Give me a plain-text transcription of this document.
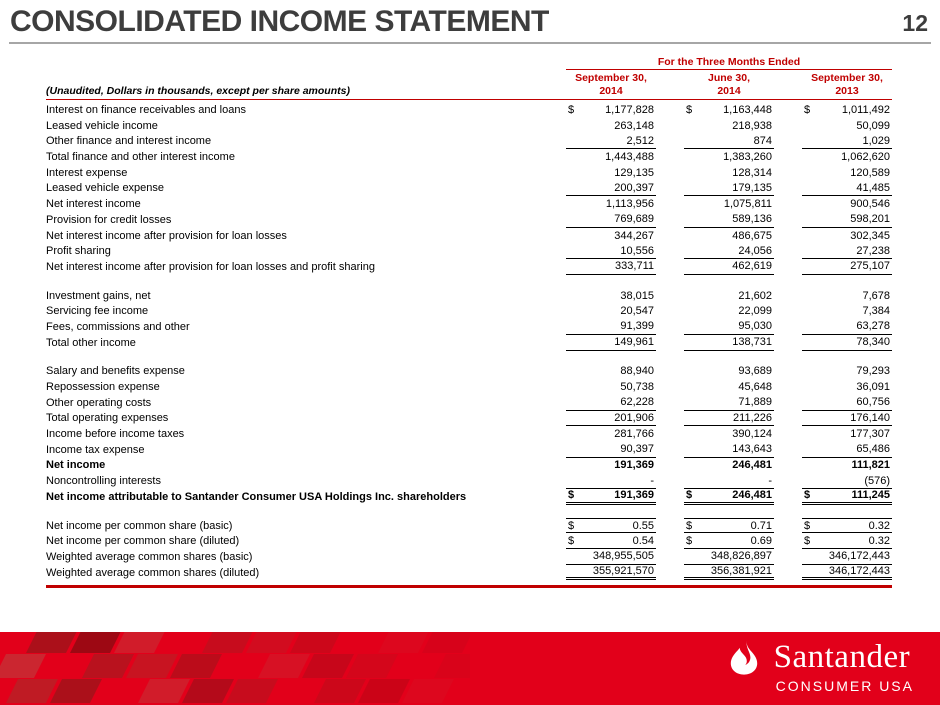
CONSOLIDATED INCOME STATEMENT	12
For the Three Months Ended
(Unaudited, Dollars in thousands, except per share amounts)
September 30,
2014
June 30,
2014
September 30,
2013
Interest on finance receivables and loans	$	1,177,828	$	1,163,448	$	1,011,492
Leased vehicle income	263,148	218,938	50,099
Other finance and interest income	2,512	874	1,029
Total finance and other interest income	1,443,488	1,383,260	1,062,620
Interest expense	129,135	128,314	120,589
Leased vehicle expense	200,397	179,135	41,485
Net interest income	1,113,956	1,075,811	900,546
Provision for credit losses	769,689	589,136	598,201
Net interest income after provision for loan losses	344,267	486,675	302,345
Profit sharing	10,556	24,056	27,238
Net interest income after provision for loan losses and profit sharing	333,711	462,619	275,107
Investment gains, net	38,015	21,602	7,678
Servicing fee income	20,547	22,099	7,384
Fees, commissions and other	91,399	95,030	63,278
Total other income	149,961	138,731	78,340
Salary and benefits expense	88,940	93,689	79,293
Repossession expense	50,738	45,648	36,091
Other operating costs	62,228	71,889	60,756
Total operating expenses	201,906	211,226	176,140
Income before income taxes	281,766	390,124	177,307
Income tax expense	90,397	143,643	65,486
Net income	191,369	246,481	111,821
Noncontrolling interests	-	-	(576)
Net income attributable to Santander Consumer USA Holdings Inc. shareholders	$	191,369	$	246,481	$	111,245
Net income per common share (basic)	$	0.55	$	0.71	$	0.32
Net income per common share (diluted)	$	0.54	$	0.69	$	0.32
Weighted average common shares (basic)	348,955,505	348,826,897	346,172,443
Weighted average common shares (diluted)	355,921,570	356,381,921	346,172,443
Santander
CONSUMER USA
